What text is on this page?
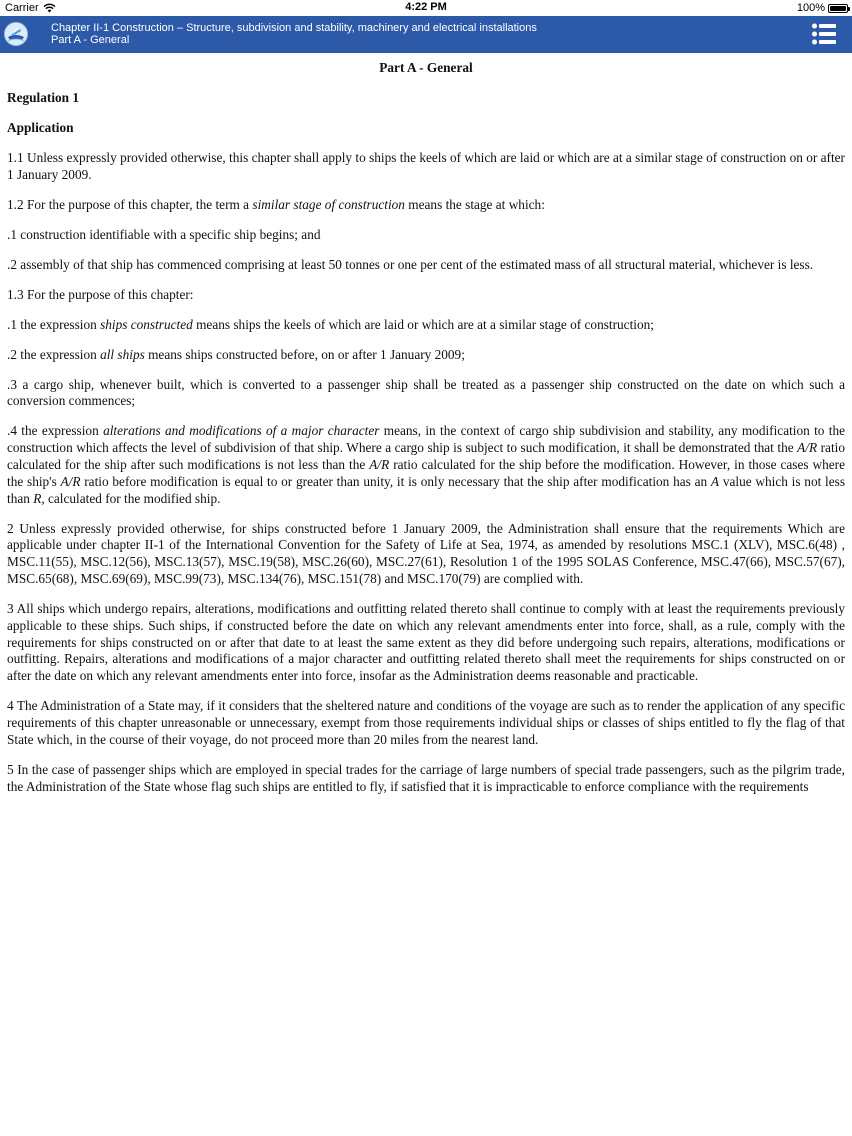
Carrier	4:22 PM	100%
Chapter II-1 Construction – Structure, subdivision and stability, machinery and electrical installations
Part A - General

Part A - General

Regulation 1

Application

1.1 Unless expressly provided otherwise, this chapter shall apply to ships the keels of which are laid or which are at a similar stage of construction on or after 1 January 2009.

1.2 For the purpose of this chapter, the term a similar stage of construction means the stage at which:

.1 construction identifiable with a specific ship begins; and

.2 assembly of that ship has commenced comprising at least 50 tonnes or one per cent of the estimated mass of all structural material, whichever is less.

1.3 For the purpose of this chapter:

.1 the expression ships constructed means ships the keels of which are laid or which are at a similar stage of construction;

.2 the expression all ships means ships constructed before, on or after 1 January 2009;

.3 a cargo ship, whenever built, which is converted to a passenger ship shall be treated as a passenger ship constructed on the date on which such a conversion commences;

.4 the expression alterations and modifications of a major character means, in the context of cargo ship subdivision and stability, any modification to the construction which affects the level of subdivision of that ship. Where a cargo ship is subject to such modification, it shall be demonstrated that the A/R ratio calculated for the ship after such modifications is not less than the A/R ratio calculated for the ship before the modification. However, in those cases where the ship's A/R ratio before modification is equal to or greater than unity, it is only necessary that the ship after modification has an A value which is not less than R, calculated for the modified ship.

2 Unless expressly provided otherwise, for ships constructed before 1 January 2009, the Administration shall ensure that the requirements Which are applicable under chapter II-1 of the International Convention for the Safety of Life at Sea, 1974, as amended by resolutions MSC.1 (XLV), MSC.6(48) , MSC.11(55), MSC.12(56), MSC.13(57), MSC.19(58), MSC.26(60), MSC.27(61), Resolution 1 of the 1995 SOLAS Conference, MSC.47(66), MSC.57(67), MSC.65(68), MSC.69(69), MSC.99(73), MSC.134(76), MSC.151(78) and MSC.170(79) are complied with.

3 All ships which undergo repairs, alterations, modifications and outfitting related thereto shall continue to comply with at least the requirements previously applicable to these ships. Such ships, if constructed before the date on which any relevant amendments enter into force, shall, as a rule, comply with the requirements for ships constructed on or after that date to at least the same extent as they did before undergoing such repairs, alterations, modifications or outfitting. Repairs, alterations and modifications of a major character and outfitting related thereto shall meet the requirements for ships constructed on or after the date on which any relevant amendments enter into force, insofar as the Administration deems reasonable and practicable.

4 The Administration of a State may, if it considers that the sheltered nature and conditions of the voyage are such as to render the application of any specific requirements of this chapter unreasonable or unnecessary, exempt from those requirements individual ships or classes of ships entitled to fly the flag of that State which, in the course of their voyage, do not proceed more than 20 miles from the nearest land.

5 In the case of passenger ships which are employed in special trades for the carriage of large numbers of special trade passengers, such as the pilgrim trade, the Administration of the State whose flag such ships are entitled to fly, if satisfied that it is impracticable to enforce compliance with the requirements
